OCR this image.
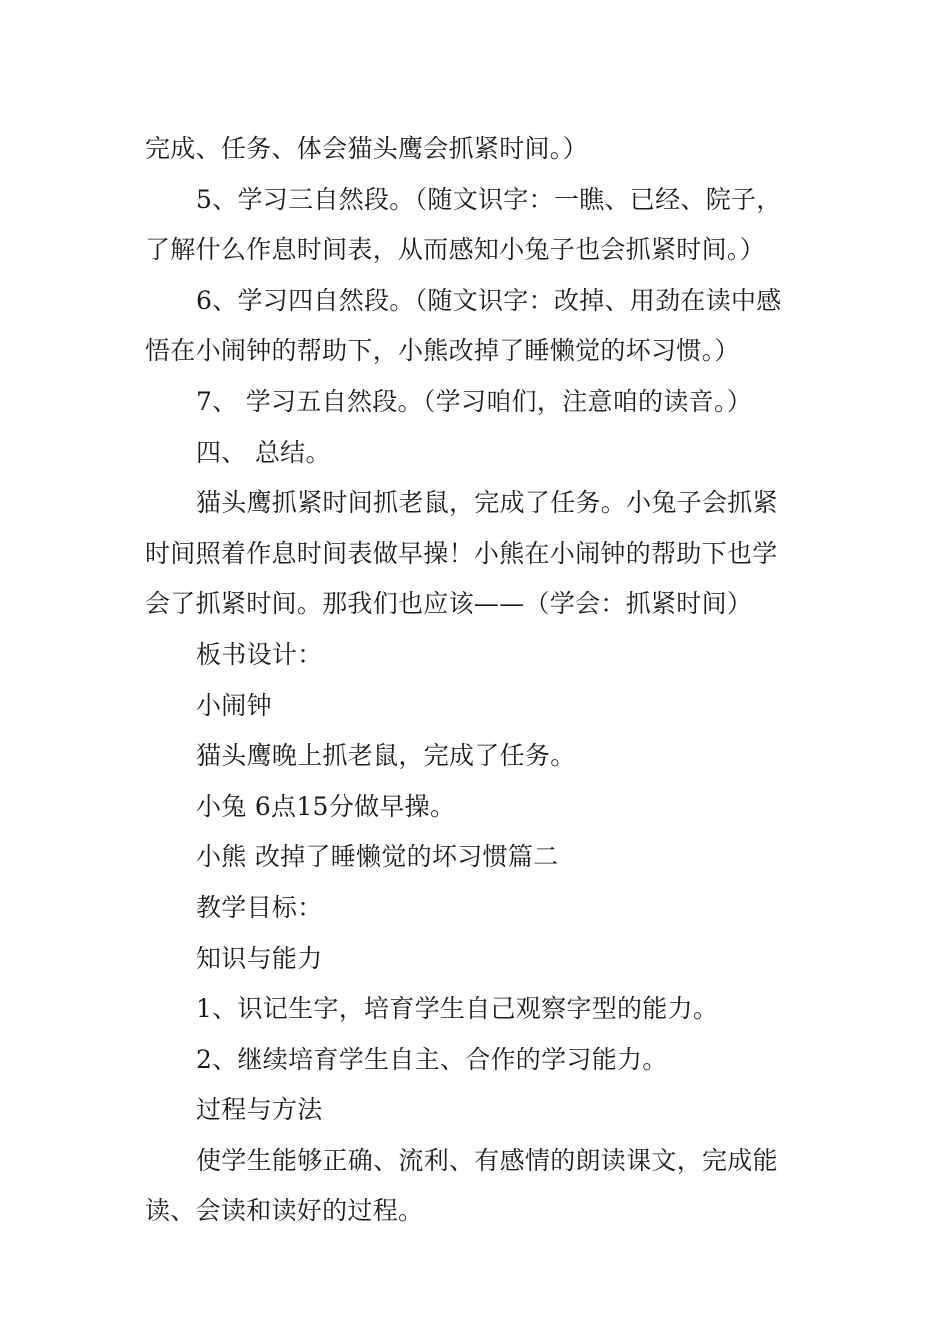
完成、任务、体会猫头鹰会抓紧时间。）
5、学习三自然段。（随文识字：一瞧、已经、院子，
了解什么作息时间表，从而感知小兔子也会抓紧时间。）
6、学习四自然段。（随文识字：改掉、用劲在读中感
悟在小闹钟的帮助下，小熊改掉了睡懒觉的坏习惯。）
7、 学习五自然段。（学习咱们，注意咱的读音。）
四、 总结。
猫头鹰抓紧时间抓老鼠，完成了任务。小兔子会抓紧
时间照着作息时间表做早操！小熊在小闹钟的帮助下也学
会了抓紧时间。那我们也应该——（学会：抓紧时间）
板书设计：
小闹钟
猫头鹰晚上抓老鼠，完成了任务。
小兔 6点15分做早操。
小熊 改掉了睡懒觉的坏习惯篇二
教学目标：
知识与能力
1、识记生字，培育学生自己观察字型的能力。
2、继续培育学生自主、合作的学习能力。
过程与方法
使学生能够正确、流利、有感情的朗读课文，完成能
读、会读和读好的过程。
